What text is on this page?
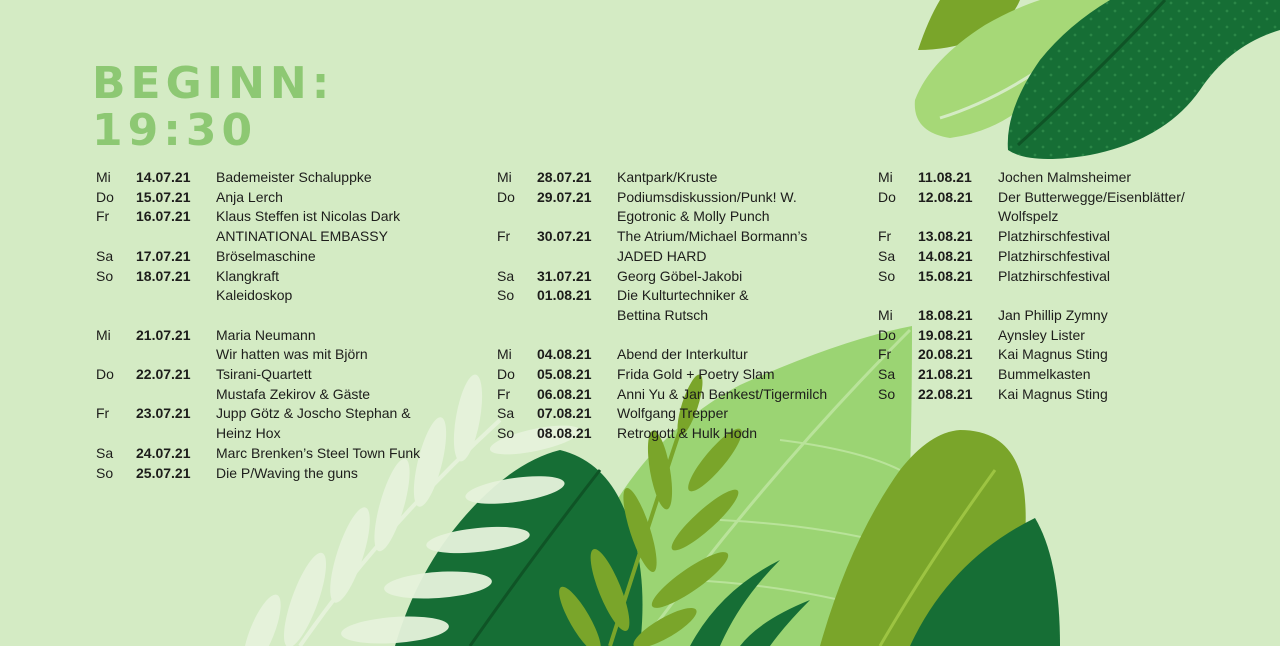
BEGINN:
19:30
Mi	14.07.21	Bademeister Schaluppke
Do	15.07.21	Anja Lerch
Fr	16.07.21	Klaus Steffen ist Nicolas Dark
ANTINATIONAL EMBASSY
Sa	17.07.21	Bröselmaschine
So	18.07.21	Klangkraft
Kaleidoskop
Mi	21.07.21	Maria Neumann
Wir hatten was mit Björn
Do	22.07.21	Tsirani-Quartett
Mustafa Zekirov & Gäste
Fr	23.07.21	Jupp Götz & Joscho Stephan &
Heinz Hox
Sa	24.07.21	Marc Brenken’s Steel Town Funk
So	25.07.21	Die P/Waving the guns
Mi	28.07.21	Kantpark/Kruste
Do	29.07.21	Podiumsdiskussion/Punk! W.
Egotronic & Molly Punch
Fr	30.07.21	The Atrium/Michael Bormann’s
JADED HARD
Sa	31.07.21	Georg Göbel-Jakobi
So	01.08.21	Die Kulturtechniker &
Bettina Rutsch
Mi	04.08.21	Abend der Interkultur
Do	05.08.21	Frida Gold + Poetry Slam
Fr	06.08.21	Anni Yu & Jan Benkest/Tigermilch
Sa	07.08.21	Wolfgang Trepper
So	08.08.21	Retrogott & Hulk Hodn
Mi	11.08.21	Jochen Malmsheimer
Do	12.08.21	Der Butterwegge/Eisenblätter/
Wolfspelz
Fr	13.08.21	Platzhirschfestival
Sa	14.08.21	Platzhirschfestival
So	15.08.21	Platzhirschfestival
Mi	18.08.21	Jan Phillip Zymny
Do	19.08.21	Aynsley Lister
Fr	20.08.21	Kai Magnus Sting
Sa	21.08.21	Bummelkasten
So	22.08.21	Kai Magnus Sting
